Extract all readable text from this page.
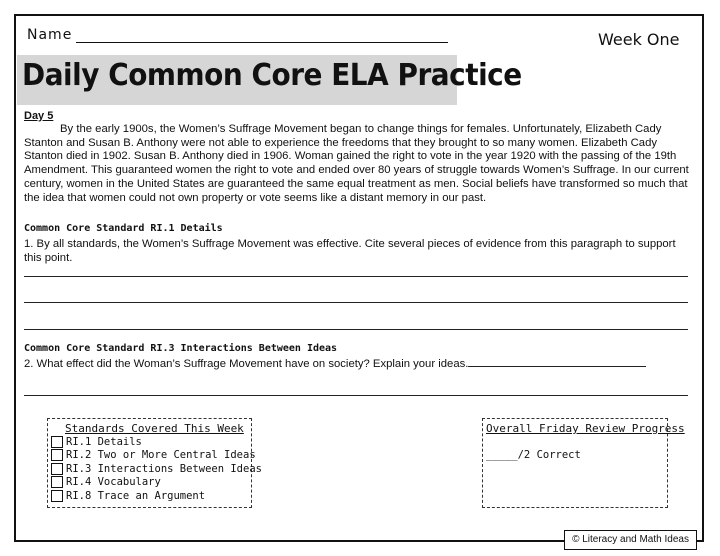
Name	Week One
Daily Common Core ELA Practice
Day 5
By the early 1900s, the Women’s Suffrage Movement began to change things for females. Unfortunately, Elizabeth Cady Stanton and Susan B. Anthony were not able to experience the freedoms that they brought to so many women. Elizabeth Cady Stanton died in 1902. Susan B. Anthony died in 1906. Woman gained the right to vote in the year 1920 with the passing of the 19th Amendment. This guaranteed women the right to vote and ended over 80 years of struggle towards Women’s Suffrage. In our current century, women in the United States are guaranteed the same equal treatment as men. Social beliefs have transformed so much that the idea that women could not own property or vote seems like a distant memory in our past.
Common Core Standard RI.1 Details
1. By all standards, the Women’s Suffrage Movement was effective. Cite several pieces of evidence from this paragraph to support this point.
Common Core Standard RI.3 Interactions Between Ideas
2. What effect did the Woman’s Suffrage Movement have on society? Explain your ideas.
Standards Covered This Week
RI.1 Details
RI.2 Two or More Central Ideas
RI.3 Interactions Between Ideas
RI.4 Vocabulary
RI.8 Trace an Argument
Overall Friday Review Progress
_____/2 Correct
© Literacy and Math Ideas
